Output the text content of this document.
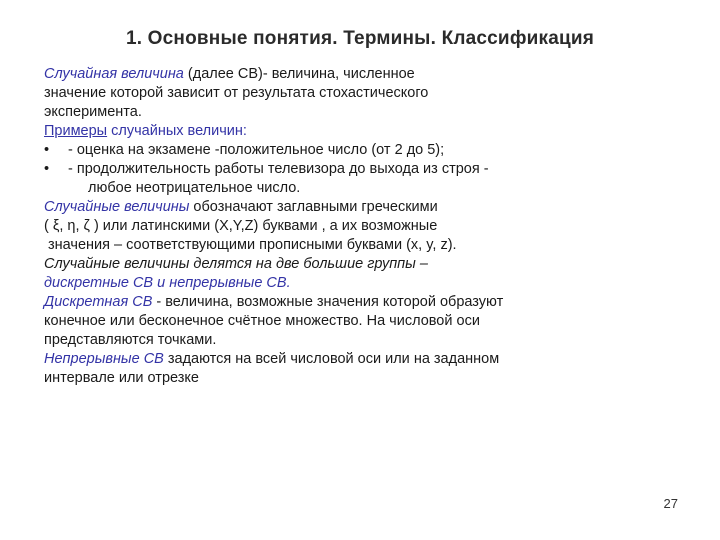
1. Основные понятия. Термины. Классификация
Случайная величина (далее СВ)- величина, численное
значение которой зависит от результата стохастического
эксперимента.
Примеры случайных величин:
• - оценка на экзамене -положительное число (от 2 до 5);
• - продолжительность работы телевизора до выхода из строя -
любое неотрицательное число.
Случайные величины обозначают заглавными греческими
( ξ, η, ζ ) или латинскими (X,Y,Z) буквами , а их возможные
значения – соответствующими прописными буквами (x, y, z).
Случайные величины делятся на две большие группы –
дискретные СВ и непрерывные СВ.
Дискретная СВ - величина, возможные значения которой образуют
конечное или бесконечное счётное множество. На числовой оси
представляются точками.
Непрерывные СВ задаются на всей числовой оси или на заданном
интервале или отрезке
27
